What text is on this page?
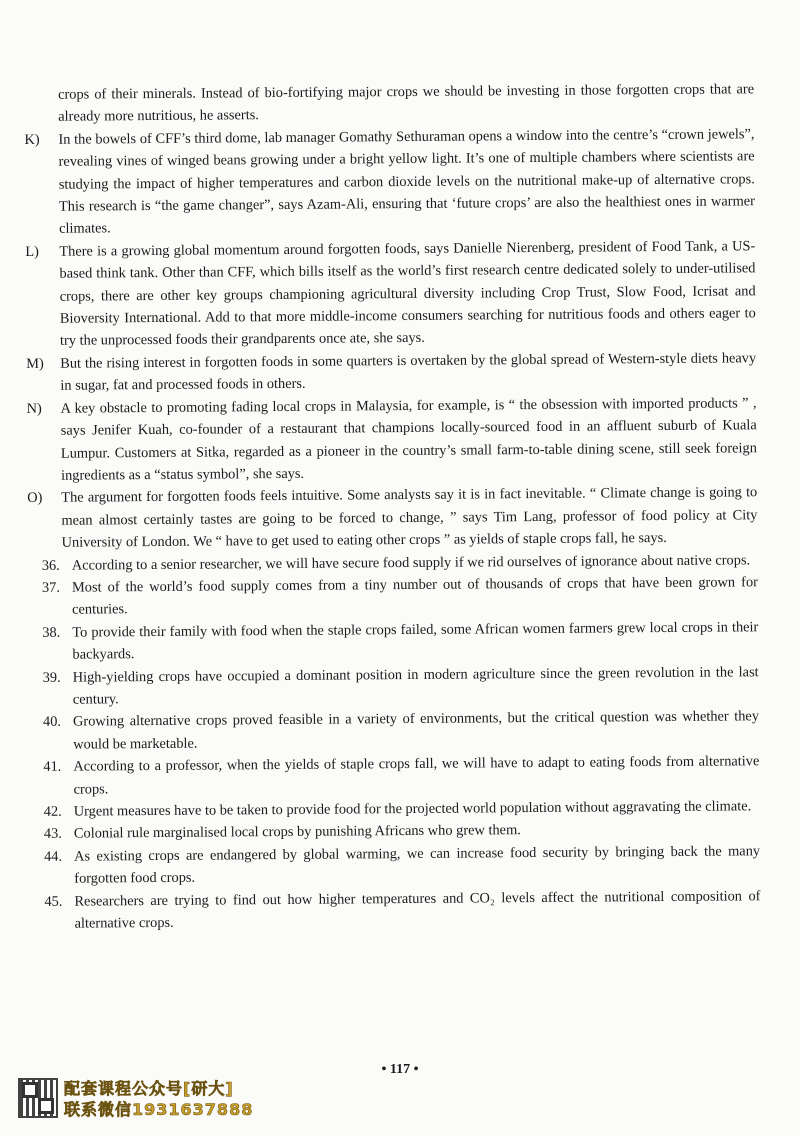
crops of their minerals. Instead of bio-fortifying major crops we should be investing in those forgotten crops that are already more nutritious, he asserts.

K)	In the bowels of CFF’s third dome, lab manager Gomathy Sethuraman opens a window into the centre’s “crown jewels”, revealing vines of winged beans growing under a bright yellow light. It’s one of multiple chambers where scientists are studying the impact of higher temperatures and carbon dioxide levels on the nutritional make-up of alternative crops. This research is “the game changer”, says Azam-Ali, ensuring that ‘future crops’ are also the healthiest ones in warmer climates.

L)	There is a growing global momentum around forgotten foods, says Danielle Nierenberg, president of Food Tank, a US-based think tank. Other than CFF, which bills itself as the world’s first research centre dedicated solely to under-utilised crops, there are other key groups championing agricultural diversity including Crop Trust, Slow Food, Icrisat and Bioversity International. Add to that more middle-income consumers searching for nutritious foods and others eager to try the unprocessed foods their grandparents once ate, she says.

M)	But the rising interest in forgotten foods in some quarters is overtaken by the global spread of Western-style diets heavy in sugar, fat and processed foods in others.

N)	A key obstacle to promoting fading local crops in Malaysia, for example, is “ the obsession with imported products ” , says Jenifer Kuah, co-founder of a restaurant that champions locally-sourced food in an affluent suburb of Kuala Lumpur. Customers at Sitka, regarded as a pioneer in the country’s small farm-to-table dining scene, still seek foreign ingredients as a “status symbol”, she says.

O)	The argument for forgotten foods feels intuitive. Some analysts say it is in fact inevitable. “ Climate change is going to mean almost certainly tastes are going to be forced to change, ” says Tim Lang, professor of food policy at City University of London. We “ have to get used to eating other crops ” as yields of staple crops fall, he says.

36. According to a senior researcher, we will have secure food supply if we rid ourselves of ignorance about native crops.

37. Most of the world’s food supply comes from a tiny number out of thousands of crops that have been grown for centuries.

38. To provide their family with food when the staple crops failed, some African women farmers grew local crops in their backyards.

39. High-yielding crops have occupied a dominant position in modern agriculture since the green revolution in the last century.

40. Growing alternative crops proved feasible in a variety of environments, but the critical question was whether they would be marketable.

41. According to a professor, when the yields of staple crops fall, we will have to adapt to eating foods from alternative crops.

42. Urgent measures have to be taken to provide food for the projected world population without aggravating the climate.

43. Colonial rule marginalised local crops by punishing Africans who grew them.

44. As existing crops are endangered by global warming, we can increase food security by bringing back the many forgotten food crops.

45. Researchers are trying to find out how higher temperatures and CO₂ levels affect the nutritional composition of alternative crops.

• 117 •
配套课程公众号[研大]
联系微信1931637888
